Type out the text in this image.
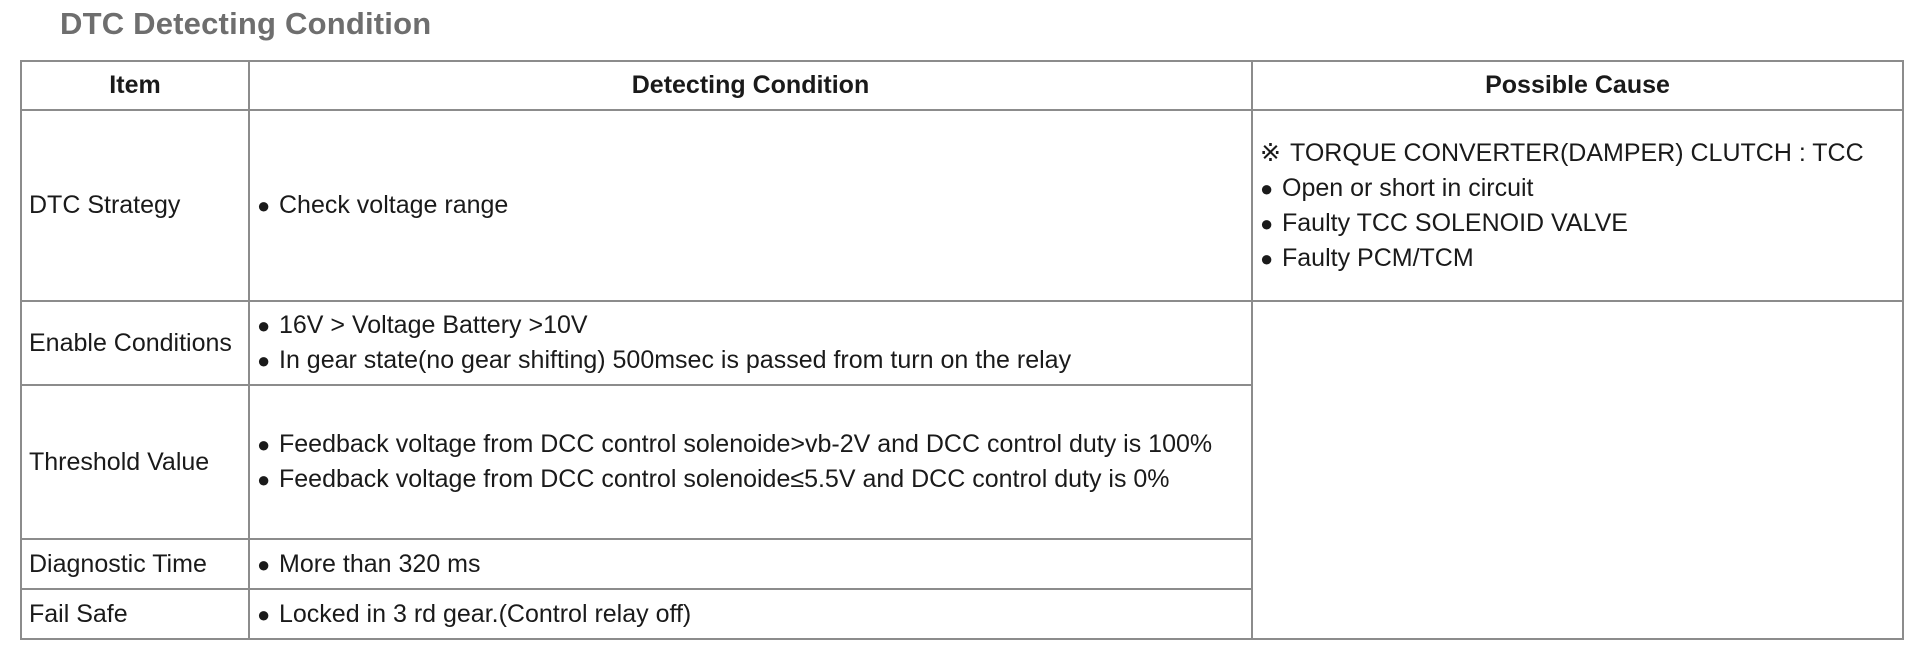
DTC Detecting Condition
Item	Detecting Condition	Possible Cause
DTC Strategy	● Check voltage range	※ TORQUE CONVERTER(DAMPER) CLUTCH : TCC
● Open or short in circuit
● Faulty TCC SOLENOID VALVE
● Faulty PCM/TCM

Enable Conditions	● 16V > Voltage Battery >10V
● In gear state(no gear shifting) 500msec is passed from turn on the relay	

Threshold Value	● Feedback voltage from DCC control solenoide>vb-2V and DCC control duty is 100%
● Feedback voltage from DCC control solenoide≤5.5V and DCC control duty is 0%	

Diagnostic Time	● More than 320 ms	

Fail Safe	● Locked in 3 rd gear.(Control relay off)	
